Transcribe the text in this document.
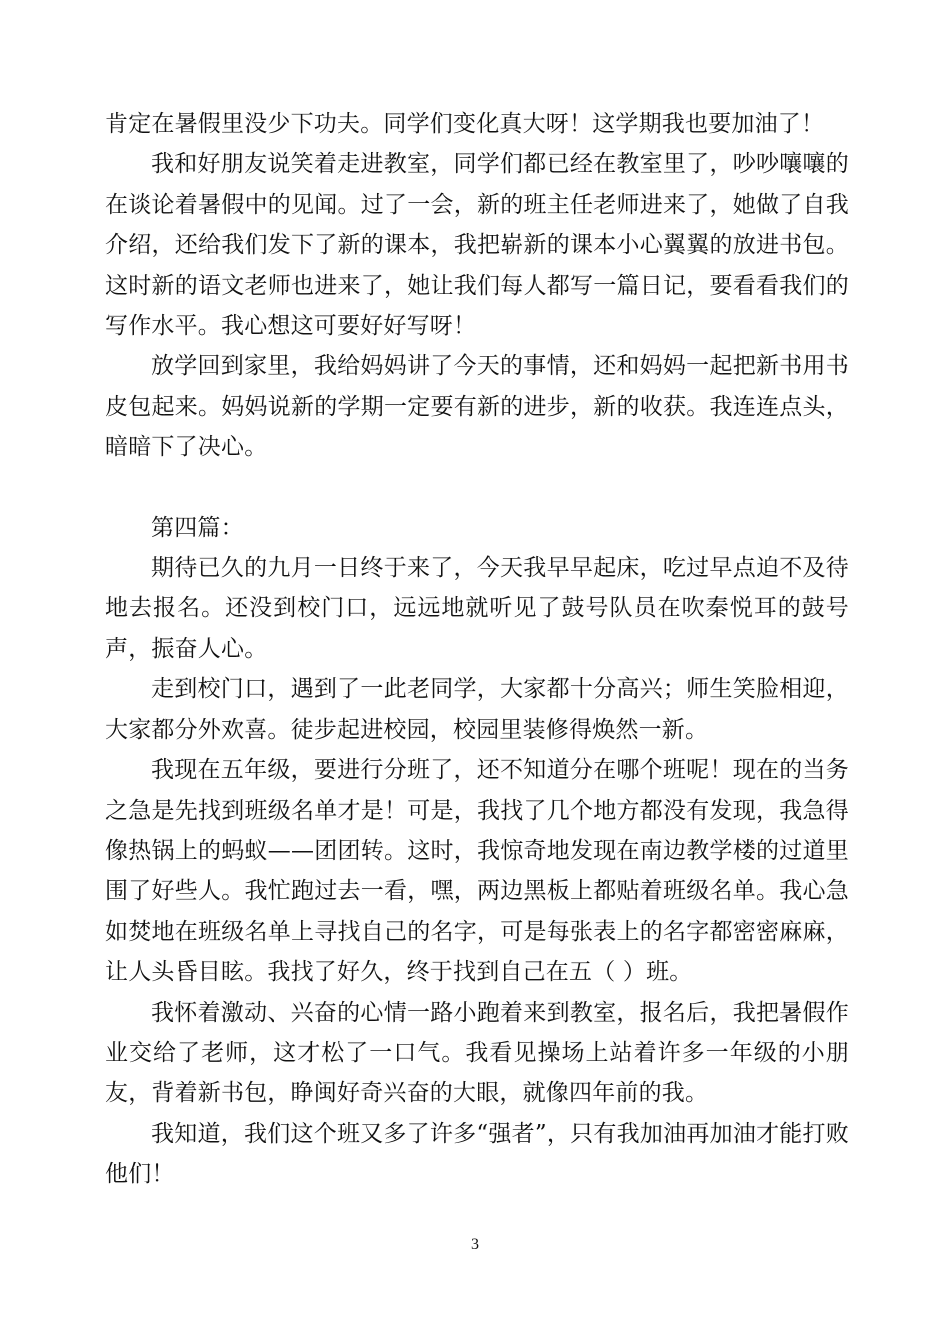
肯定在暑假里没少下功夫。同学们变化真大呀！这学期我也要加油了！

我和好朋友说笑着走进教室，同学们都已经在教室里了，吵吵嚷嚷的在谈论着暑假中的见闻。过了一会，新的班主任老师进来了，她做了自我介绍，还给我们发下了新的课本，我把崭新的课本小心翼翼的放进书包。这时新的语文老师也进来了，她让我们每人都写一篇日记，要看看我们的写作水平。我心想这可要好好写呀！

放学回到家里，我给妈妈讲了今天的事情，还和妈妈一起把新书用书皮包起来。妈妈说新的学期一定要有新的进步，新的收获。我连连点头，暗暗下了决心。

第四篇：

期待已久的九月一日终于来了，今天我早早起床，吃过早点迫不及待地去报名。还没到校门口，远远地就听见了鼓号队员在吹秦悦耳的鼓号声，振奋人心。

走到校门口，遇到了一此老同学，大家都十分高兴；师生笑脸相迎，大家都分外欢喜。徒步起进校园，校园里装修得焕然一新。

我现在五年级，要进行分班了，还不知道分在哪个班呢！现在的当务之急是先找到班级名单才是！可是，我找了几个地方都没有发现，我急得像热锅上的蚂蚁——团团转。这时，我惊奇地发现在南边教学楼的过道里围了好些人。我忙跑过去一看，嘿，两边黑板上都贴着班级名单。我心急如焚地在班级名单上寻找自己的名字，可是每张表上的名字都密密麻麻，让人头昏目眩。我找了好久，终于找到自己在五（ ）班。

我怀着激动、兴奋的心情一路小跑着来到教室，报名后，我把暑假作业交给了老师，这才松了一口气。我看见操场上站着许多一年级的小朋友，背着新书包，睁闽好奇兴奋的大眼，就像四年前的我。

我知道，我们这个班又多了许多“强者”，只有我加油再加油才能打败他们！

3
